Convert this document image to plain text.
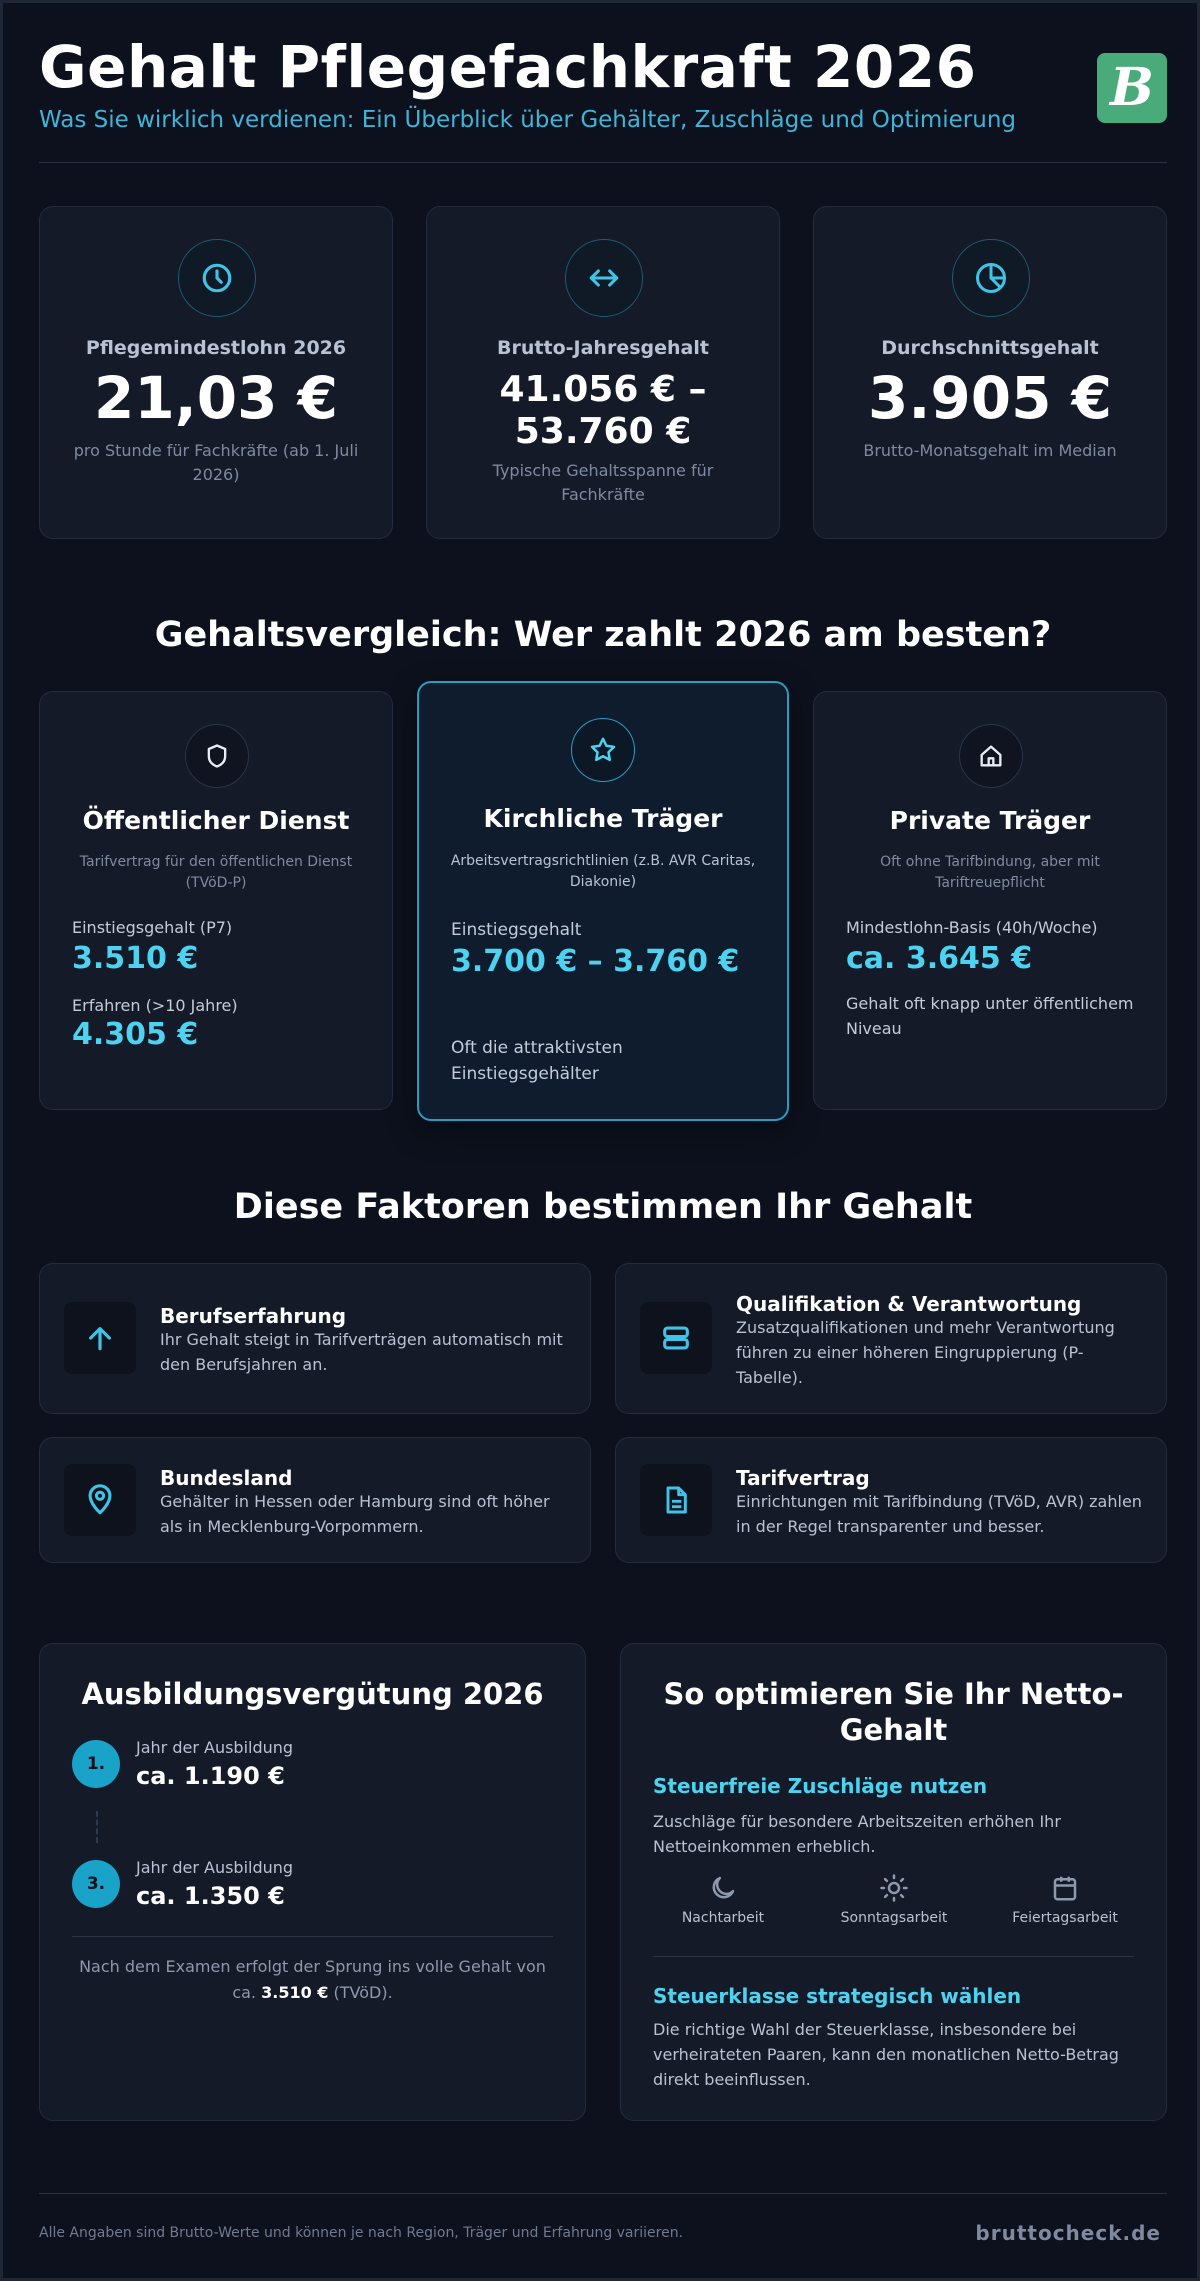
Gehalt Pflegefachkraft 2026
Was Sie wirklich verdienen: Ein Überblick über Gehälter, Zuschläge und Optimierung
B
Pflegemindestlohn 2026
21,03 €
pro Stunde für Fachkräfte (ab 1. Juli 2026)
Brutto-Jahresgehalt
41.056 € – 53.760 €
Typische Gehaltsspanne für Fachkräfte
Durchschnittsgehalt
3.905 €
Brutto-Monatsgehalt im Median
Gehaltsvergleich: Wer zahlt 2026 am besten?
Öffentlicher Dienst
Tarifvertrag für den öffentlichen Dienst (TVöD-P)
Einstiegsgehalt (P7)
3.510 €
Erfahren (>10 Jahre)
4.305 €
Kirchliche Träger
Arbeitsvertragsrichtlinien (z.B. AVR Caritas, Diakonie)
Einstiegsgehalt
3.700 € – 3.760 €
Oft die attraktivsten Einstiegsgehälter
Private Träger
Oft ohne Tarifbindung, aber mit Tariftreuepflicht
Mindestlohn-Basis (40h/Woche)
ca. 3.645 €
Gehalt oft knapp unter öffentlichem Niveau
Diese Faktoren bestimmen Ihr Gehalt
Berufserfahrung
Ihr Gehalt steigt in Tarifverträgen automatisch mit den Berufsjahren an.
Qualifikation & Verantwortung
Zusatzqualifikationen und mehr Verantwortung führen zu einer höheren Eingruppierung (P-Tabelle).
Bundesland
Gehälter in Hessen oder Hamburg sind oft höher als in Mecklenburg-Vorpommern.
Tarifvertrag
Einrichtungen mit Tarifbindung (TVöD, AVR) zahlen in der Regel transparenter und besser.
Ausbildungsvergütung 2026
1.
Jahr der Ausbildung
ca. 1.190 €
3.
Jahr der Ausbildung
ca. 1.350 €
Nach dem Examen erfolgt der Sprung ins volle Gehalt von ca. 3.510 € (TVöD).
So optimieren Sie Ihr Netto-Gehalt
Steuerfreie Zuschläge nutzen
Zuschläge für besondere Arbeitszeiten erhöhen Ihr Nettoeinkommen erheblich.
Nachtarbeit	Sonntagsarbeit	Feiertagsarbeit
Steuerklasse strategisch wählen
Die richtige Wahl der Steuerklasse, insbesondere bei verheirateten Paaren, kann den monatlichen Netto-Betrag direkt beeinflussen.
Alle Angaben sind Brutto-Werte und können je nach Region, Träger und Erfahrung variieren.	bruttocheck.de
